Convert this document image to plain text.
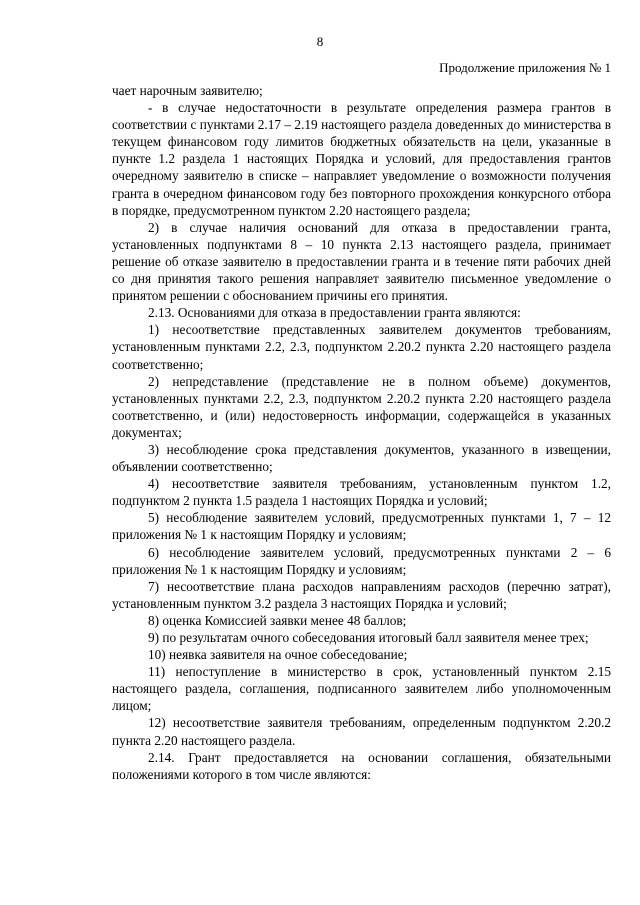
8
Продолжение приложения № 1

чает нарочным заявителю;

- в случае недостаточности в результате определения размера грантов в соответствии с пунктами 2.17 – 2.19 настоящего раздела доведенных до министерства в текущем финансовом году лимитов бюджетных обязательств на цели, указанные в пункте 1.2 раздела 1 настоящих Порядка и условий, для предоставления грантов очередному заявителю в списке – направляет уведомление о возможности получения гранта в очередном финансовом году без повторного прохождения конкурсного отбора в порядке, предусмотренном пунктом 2.20 настоящего раздела;

2) в случае наличия оснований для отказа в предоставлении гранта, установленных подпунктами 8 – 10 пункта 2.13 настоящего раздела, принимает решение об отказе заявителю в предоставлении гранта и в течение пяти рабочих дней со дня принятия такого решения направляет заявителю письменное уведомление о принятом решении с обоснованием причины его принятия.

2.13. Основаниями для отказа в предоставлении гранта являются:

1) несоответствие представленных заявителем документов требованиям, установленным пунктами 2.2, 2.3, подпунктом 2.20.2 пункта 2.20 настоящего раздела соответственно;

2) непредставление (представление не в полном объеме) документов, установленных пунктами 2.2, 2.3, подпунктом 2.20.2 пункта 2.20 настоящего раздела соответственно, и (или) недостоверность информации, содержащейся в указанных документах;

3) несоблюдение срока представления документов, указанного в извещении, объявлении соответственно;

4) несоответствие заявителя требованиям, установленным пунктом 1.2, подпунктом 2 пункта 1.5 раздела 1 настоящих Порядка и условий;

5) несоблюдение заявителем условий, предусмотренных пунктами 1, 7 – 12 приложения № 1 к настоящим Порядку и условиям;

6) несоблюдение заявителем условий, предусмотренных пунктами 2 – 6 приложения № 1 к настоящим Порядку и условиям;

7) несоответствие плана расходов направлениям расходов (перечню затрат), установленным пунктом 3.2 раздела 3 настоящих Порядка и условий;

8) оценка Комиссией заявки менее 48 баллов;

9) по результатам очного собеседования итоговый балл заявителя менее трех;

10) неявка заявителя на очное собеседование;

11) непоступление в министерство в срок, установленный пунктом 2.15 настоящего раздела, соглашения, подписанного заявителем либо уполномоченным лицом;

12) несоответствие заявителя требованиям, определенным подпунктом 2.20.2 пункта 2.20 настоящего раздела.

2.14. Грант предоставляется на основании соглашения, обязательными положениями которого в том числе являются:
